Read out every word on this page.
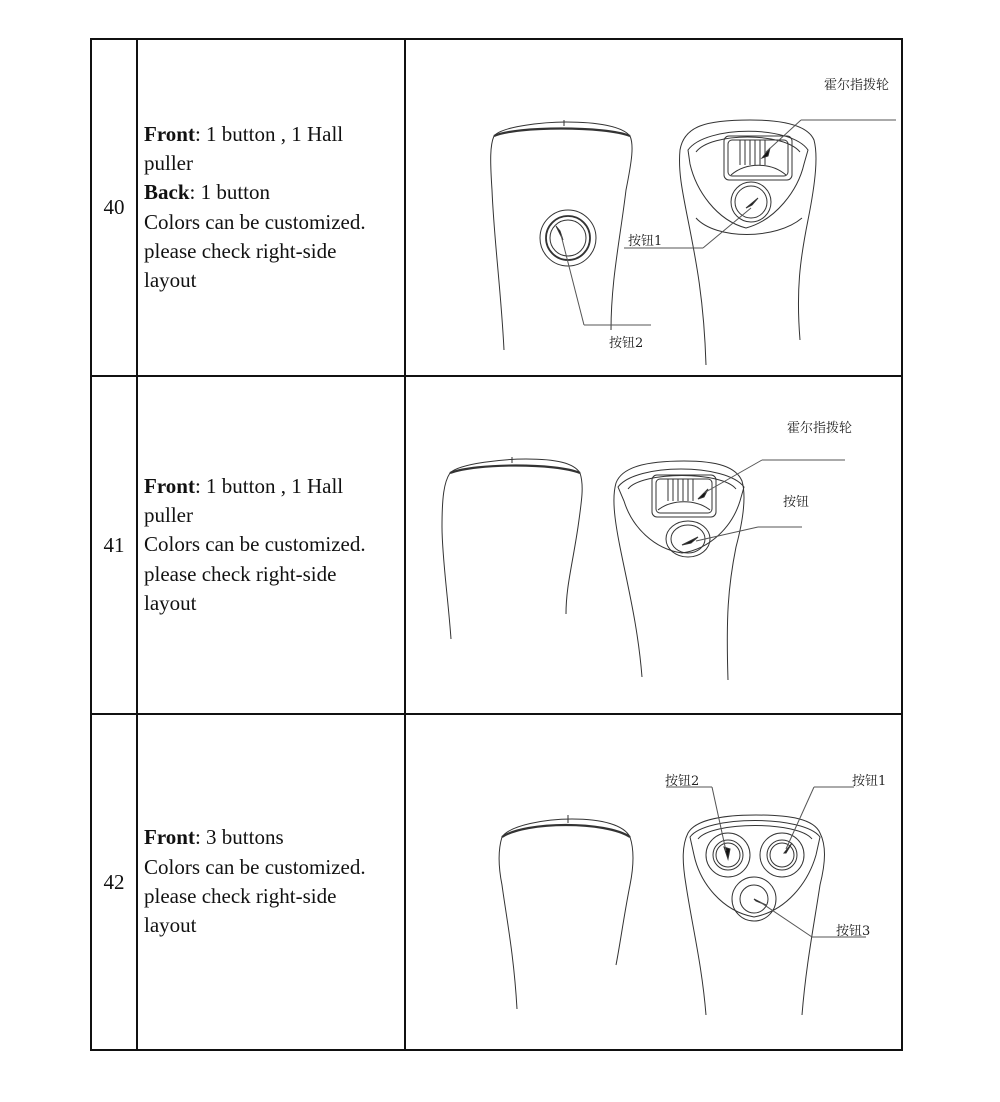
40
Front: 1 button , 1 Hall
puller
Back: 1 button
Colors can be customized.
please check right-side
layout
霍尔指拨轮
按钮1
按钮2
41
Front: 1 button , 1 Hall
puller
Colors can be customized.
please check right-side
layout
霍尔指拨轮
按钮
42
Front: 3 buttons
Colors can be customized.
please check right-side
layout
按钮2	按钮1
按钮3
